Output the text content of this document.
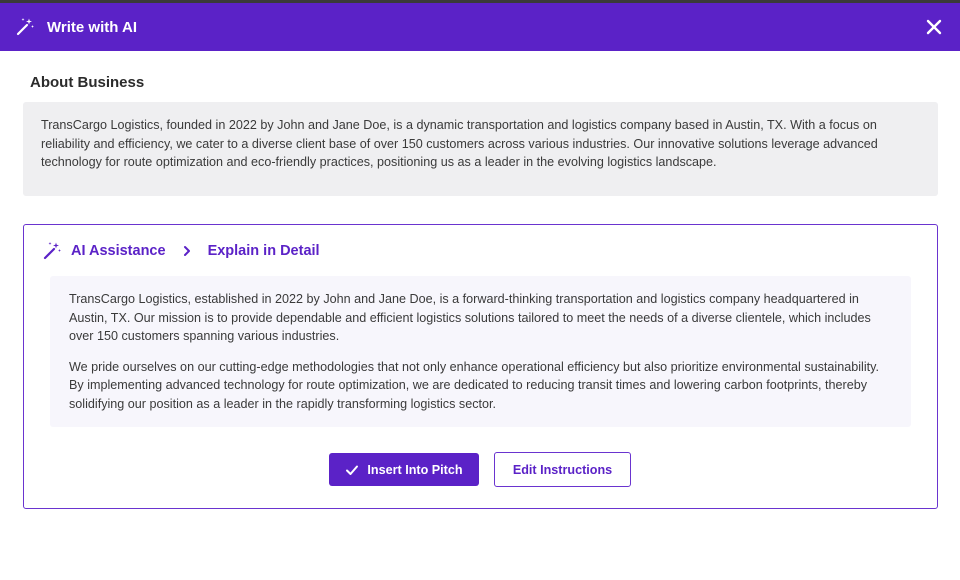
Write with AI
About Business
TransCargo Logistics, founded in 2022 by John and Jane Doe, is a dynamic transportation and logistics company based in Austin, TX. With a focus on reliability and efficiency, we cater to a diverse client base of over 150 customers across various industries. Our innovative solutions leverage advanced technology for route optimization and eco-friendly practices, positioning us as a leader in the evolving logistics landscape.
AI Assistance	Explain in Detail

TransCargo Logistics, established in 2022 by John and Jane Doe, is a forward-thinking transportation and logistics company headquartered in Austin, TX. Our mission is to provide dependable and efficient logistics solutions tailored to meet the needs of a diverse clientele, which includes over 150 customers spanning various industries.

We pride ourselves on our cutting-edge methodologies that not only enhance operational efficiency but also prioritize environmental sustainability. By implementing advanced technology for route optimization, we are dedicated to reducing transit times and lowering carbon footprints, thereby solidifying our position as a leader in the rapidly transforming logistics sector.

Insert Into Pitch	Edit Instructions
